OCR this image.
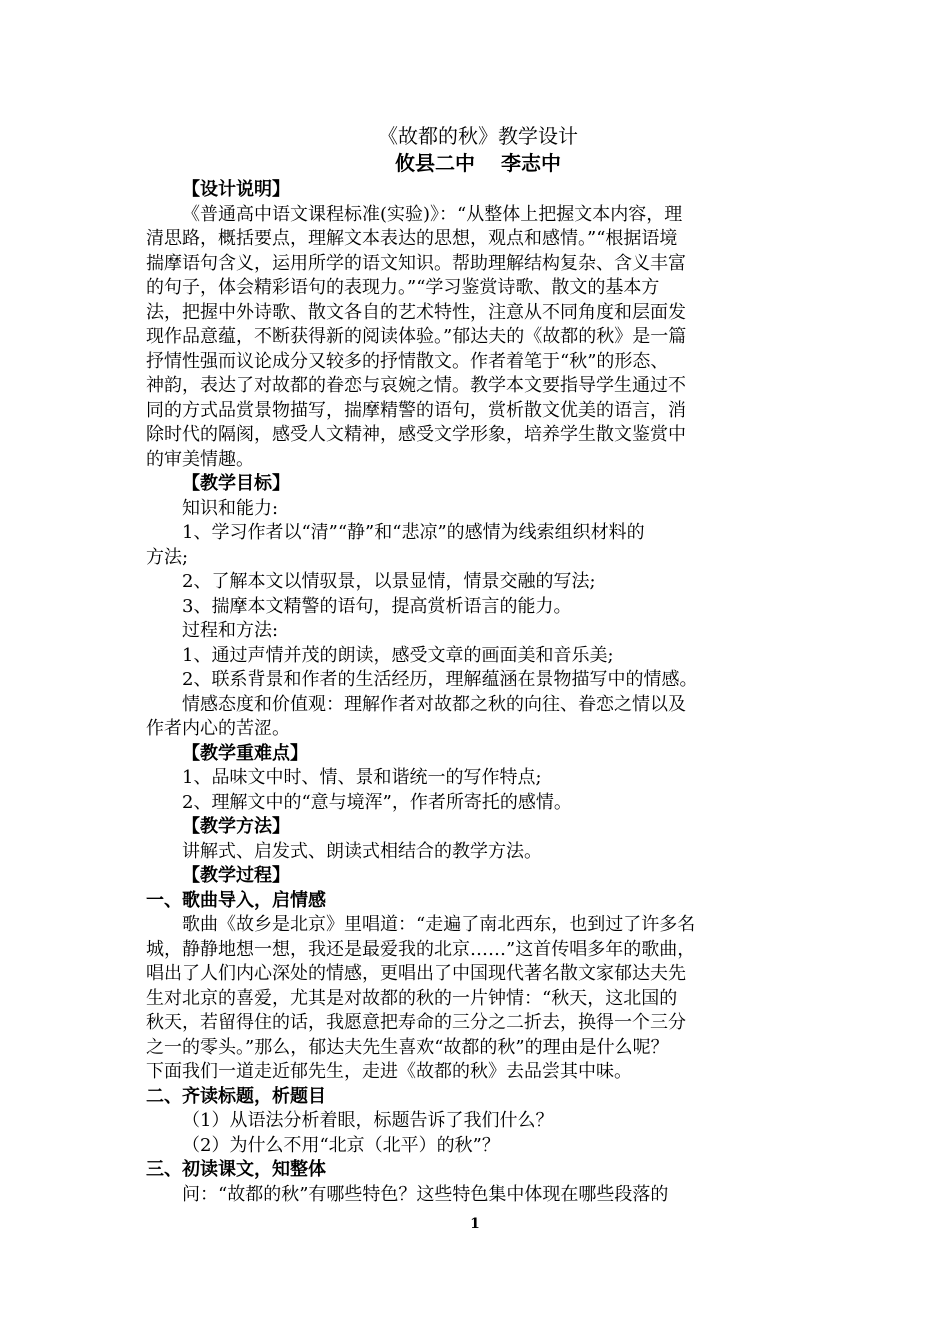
《故都的秋》教学设计
攸县二中 李志中

【设计说明】

《普通高中语文课程标准(实验)》：“从整体上把握文本内容，理

清思路，概括要点，理解文本表达的思想，观点和感情。”“根据语境

揣摩语句含义，运用所学的语文知识。帮助理解结构复杂、含义丰富

的句子，体会精彩语句的表现力。”“学习鉴赏诗歌、散文的基本方

法，把握中外诗歌、散文各自的艺术特性，注意从不同角度和层面发

现作品意蕴，不断获得新的阅读体验。”郁达夫的《故都的秋》是一篇

抒情性强而议论成分又较多的抒情散文。作者着笔于“秋”的形态、

神韵，表达了对故都的眷恋与哀婉之情。教学本文要指导学生通过不

同的方式品赏景物描写，揣摩精警的语句，赏析散文优美的语言，消

除时代的隔阂，感受人文精神，感受文学形象，培养学生散文鉴赏中

的审美情趣。

【教学目标】

知识和能力:

1、学习作者以“清”“静”和“悲凉”的感情为线索组织材料的

方法;

2、了解本文以情驭景，以景显情，情景交融的写法;

3、揣摩本文精警的语句，提高赏析语言的能力。

过程和方法:

1、通过声情并茂的朗读，感受文章的画面美和音乐美;

2、联系背景和作者的生活经历，理解蕴涵在景物描写中的情感。

情感态度和价值观：理解作者对故都之秋的向往、眷恋之情以及

作者内心的苦涩。

【教学重难点】

1、品味文中时、情、景和谐统一的写作特点;

2、理解文中的“意与境浑”，作者所寄托的感情。

【教学方法】

讲解式、启发式、朗读式相结合的教学方法。

【教学过程】

一、歌曲导入，启情感

歌曲《故乡是北京》里唱道：“走遍了南北西东，也到过了许多名

城，静静地想一想，我还是最爱我的北京……”这首传唱多年的歌曲，

唱出了人们内心深处的情感，更唱出了中国现代著名散文家郁达夫先

生对北京的喜爱，尤其是对故都的秋的一片钟情：“秋天，这北国的

秋天，若留得住的话，我愿意把寿命的三分之二折去，换得一个三分

之一的零头。”那么，郁达夫先生喜欢“故都的秋”的理由是什么呢？

下面我们一道走近郁先生，走进《故都的秋》去品尝其中味。

二、齐读标题，析题目

（1）从语法分析着眼，标题告诉了我们什么？

（2）为什么不用“北京（北平）的秋”？

三、初读课文，知整体

问：“故都的秋”有哪些特色？这些特色集中体现在哪些段落的

1
